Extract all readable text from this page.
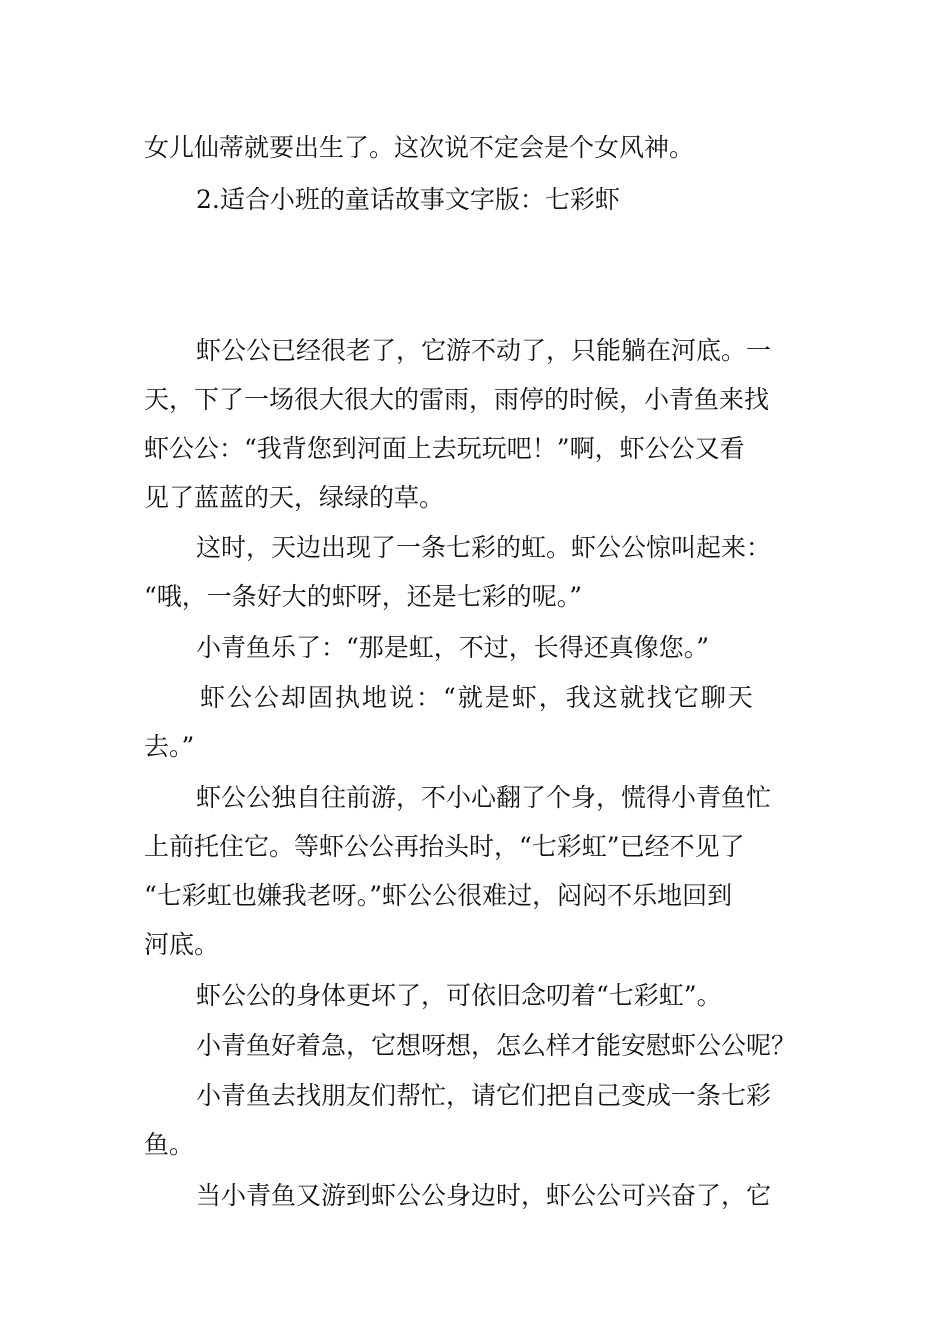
女儿仙蒂就要出生了。这次说不定会是个女风神。
2.适合小班的童话故事文字版：七彩虾
虾公公已经很老了，它游不动了，只能躺在河底。一
天，下了一场很大很大的雷雨，雨停的时候，小青鱼来找
虾公公：“我背您到河面上去玩玩吧！”啊，虾公公又看
见了蓝蓝的天，绿绿的草。
这时，天边出现了一条七彩的虹。虾公公惊叫起来：
“哦，一条好大的虾呀，还是七彩的呢。”
小青鱼乐了：“那是虹，不过，长得还真像您。”
虾公公却固执地说：“就是虾，我这就找它聊天
去。”
虾公公独自往前游，不小心翻了个身，慌得小青鱼忙
上前托住它。等虾公公再抬头时，“七彩虹”已经不见了
“七彩虹也嫌我老呀。”虾公公很难过，闷闷不乐地回到
河底。
虾公公的身体更坏了，可依旧念叨着“七彩虹”。
小青鱼好着急，它想呀想，怎么样才能安慰虾公公呢？
小青鱼去找朋友们帮忙，请它们把自己变成一条七彩
鱼。
当小青鱼又游到虾公公身边时，虾公公可兴奋了，它
